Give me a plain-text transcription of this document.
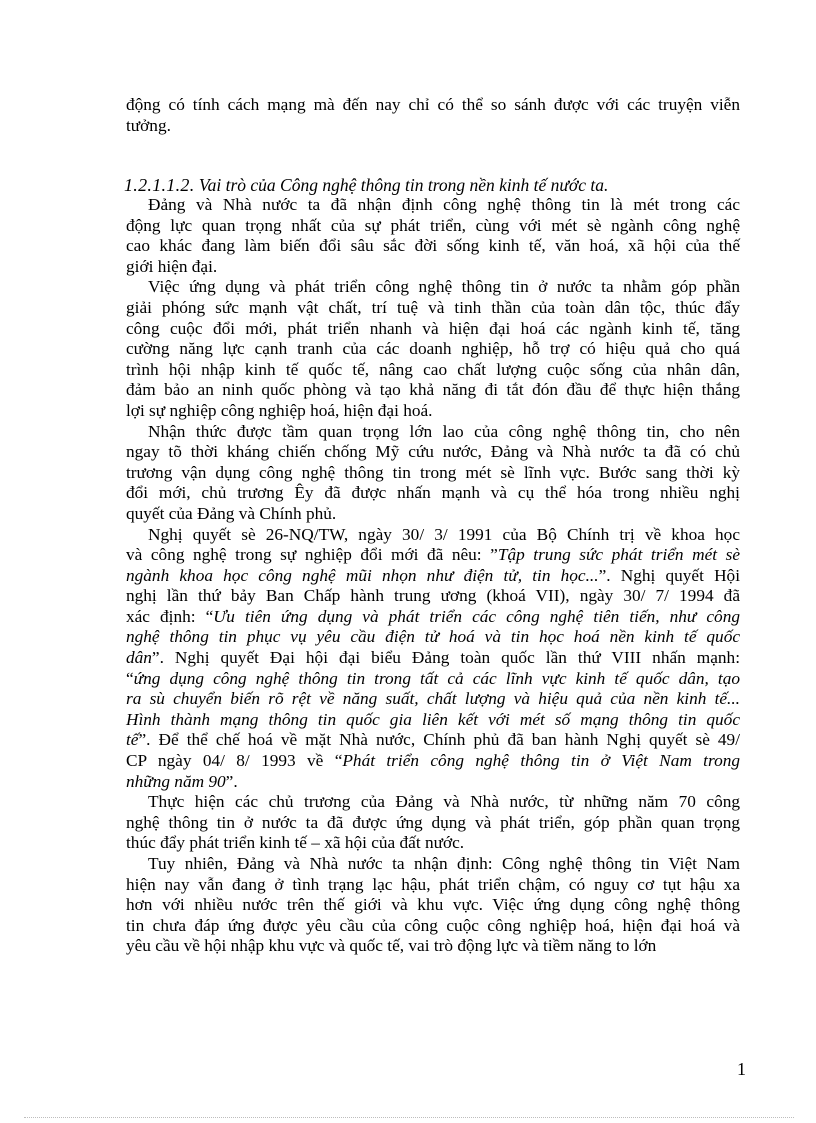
động có tính cách mạng mà đến nay chỉ có thể so sánh được với các truyện viễn
tưởng.
1.2.1.1.2. Vai trò của Công nghệ thông tin trong nền kinh tế nước ta.
Đảng và Nhà nước ta đã nhận định công nghệ thông tin là mét trong các
động lực quan trọng nhất của sự phát triển, cùng với mét sè ngành công nghệ
cao khác đang làm biến đổi sâu sắc đời sống kinh tế, văn hoá, xã hội của thế
giới hiện đại.
Việc ứng dụng và phát triển công nghệ thông tin ở nước ta nhằm góp phần
giải phóng sức mạnh vật chất, trí tuệ và tinh thần của toàn dân tộc, thúc đẩy
công cuộc đổi mới, phát triển nhanh và hiện đại hoá các ngành kinh tế, tăng
cường năng lực cạnh tranh của các doanh nghiệp, hỗ trợ có hiệu quả cho quá
trình hội nhập kinh tế quốc tế, nâng cao chất lượng cuộc sống của nhân dân,
đảm bảo an ninh quốc phòng và tạo khả năng đi tắt đón đầu để thực hiện thắng
lợi sự nghiệp công nghiệp hoá, hiện đại hoá.
Nhận thức được tầm quan trọng lớn lao của công nghệ thông tin, cho nên
ngay tõ thời kháng chiến chống Mỹ cứu nước, Đảng và Nhà nước ta đã có chủ
trương vận dụng công nghệ thông tin trong mét sè lĩnh vực. Bước sang thời kỳ
đổi mới, chủ trương Êy đã được nhấn mạnh và cụ thể hóa trong nhiều nghị
quyết của Đảng và Chính phủ.
Nghị quyết sè 26-NQ/TW, ngày 30/ 3/ 1991 của Bộ Chính trị về khoa học
và công nghệ trong sự nghiệp đổi mới đã nêu: ”Tập trung sức phát triển mét sè
ngành khoa học công nghệ mũi nhọn như điện tử, tin học...”. Nghị quyết Hội
nghị lần thứ bảy Ban Chấp hành trung ương (khoá VII), ngày 30/ 7/ 1994 đã
xác định: “Ưu tiên ứng dụng và phát triển các công nghệ tiên tiến, như công
nghệ thông tin phục vụ yêu cầu điện tử hoá và tin học hoá nền kinh tế quốc
dân”. Nghị quyết Đại hội đại biểu Đảng toàn quốc lần thứ VIII nhấn mạnh:
“ứng dụng công nghệ thông tin trong tất cả các lĩnh vực kinh tế quốc dân, tạo
ra sù chuyển biến rõ rệt về năng suất, chất lượng và hiệu quả của nền kinh tế...
Hình thành mạng thông tin quốc gia liên kết với mét số mạng thông tin quốc
tế”. Để thể chế hoá về mặt Nhà nước, Chính phủ đã ban hành Nghị quyết sè 49/
CP ngày 04/ 8/ 1993 về “Phát triển công nghệ thông tin ở Việt Nam trong
những năm 90”.
Thực hiện các chủ trương của Đảng và Nhà nước, từ những năm 70 công
nghệ thông tin ở nước ta đã được ứng dụng và phát triển, góp phần quan trọng
thúc đẩy phát triển kinh tế – xã hội của đất nước.
Tuy nhiên, Đảng và Nhà nước ta nhận định: Công nghệ thông tin Việt Nam
hiện nay vẫn đang ở tình trạng lạc hậu, phát triển chậm, có nguy cơ tụt hậu xa
hơn với nhiều nước trên thế giới và khu vực. Việc ứng dụng công nghệ thông
tin chưa đáp ứng được yêu cầu của công cuộc công nghiệp hoá, hiện đại hoá và
yêu cầu về hội nhập khu vực và quốc tế, vai trò động lực và tiềm năng to lớn
1
